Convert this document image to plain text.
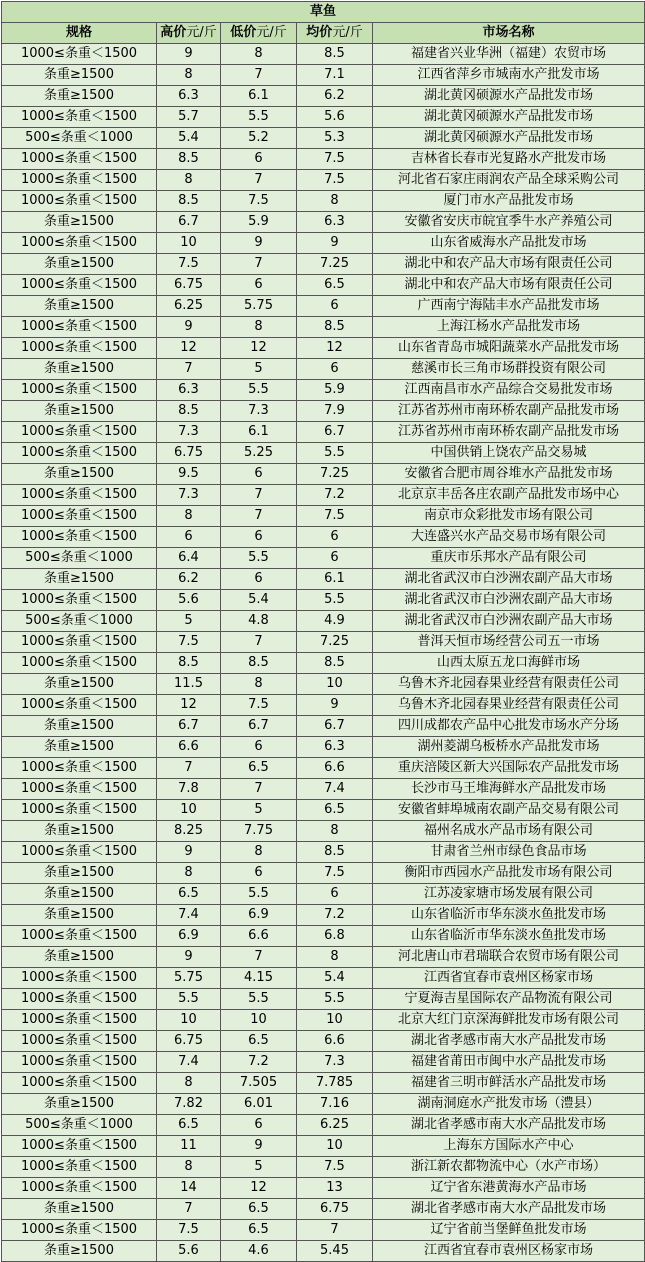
草鱼				
规格	高价元/斤	低价元/斤	均价元/斤	市场名称
1000≤条重＜1500	9	8	8.5	福建省兴业华洲（福建）农贸市场
条重≥1500	8	7	7.1	江西省萍乡市城南水产批发市场
条重≥1500	6.3	6.1	6.2	湖北黄冈硕源水产品批发市场
1000≤条重＜1500	5.7	5.5	5.6	湖北黄冈硕源水产品批发市场
500≤条重＜1000	5.4	5.2	5.3	湖北黄冈硕源水产品批发市场
1000≤条重＜1500	8.5	6	7.5	吉林省长春市光复路水产批发市场
1000≤条重＜1500	8	7	7.5	河北省石家庄雨润农产品全球采购公司
1000≤条重＜1500	8.5	7.5	8	厦门市水产品批发市场
条重≥1500	6.7	5.9	6.3	安徽省安庆市皖宜季牛水产养殖公司
1000≤条重＜1500	10	9	9	山东省威海水产品批发市场
条重≥1500	7.5	7	7.25	湖北中和农产品大市场有限责任公司
1000≤条重＜1500	6.75	6	6.5	湖北中和农产品大市场有限责任公司
条重≥1500	6.25	5.75	6	广西南宁海陆丰水产品批发市场
1000≤条重＜1500	9	8	8.5	上海江杨水产品批发市场
1000≤条重＜1500	12	12	12	山东省青岛市城阳蔬菜水产品批发市场
条重≥1500	7	5	6	慈溪市长三角市场群投资有限公司
1000≤条重＜1500	6.3	5.5	5.9	江西南昌市水产品综合交易批发市场
条重≥1500	8.5	7.3	7.9	江苏省苏州市南环桥农副产品批发市场
1000≤条重＜1500	7.3	6.1	6.7	江苏省苏州市南环桥农副产品批发市场
1000≤条重＜1500	6.75	5.25	5.5	中国供销上饶农产品交易城
条重≥1500	9.5	6	7.25	安徽省合肥市周谷堆水产品批发市场
1000≤条重＜1500	7.3	7	7.2	北京京丰岳各庄农副产品批发市场中心
1000≤条重＜1500	8	7	7.5	南京市众彩批发市场有限公司
1000≤条重＜1500	6	6	6	大连盛兴水产品交易市场有限公司
500≤条重＜1000	6.4	5.5	6	重庆市乐邦水产品有限公司
条重≥1500	6.2	6	6.1	湖北省武汉市白沙洲农副产品大市场
1000≤条重＜1500	5.6	5.4	5.5	湖北省武汉市白沙洲农副产品大市场
500≤条重＜1000	5	4.8	4.9	湖北省武汉市白沙洲农副产品大市场
1000≤条重＜1500	7.5	7	7.25	普洱天恒市场经营公司五一市场
1000≤条重＜1500	8.5	8.5	8.5	山西太原五龙口海鲜市场
条重≥1500	11.5	8	10	乌鲁木齐北园春果业经营有限责任公司
1000≤条重＜1500	12	7.5	9	乌鲁木齐北园春果业经营有限责任公司
条重≥1500	6.7	6.7	6.7	四川成都农产品中心批发市场水产分场
条重≥1500	6.6	6	6.3	湖州菱湖乌板桥水产品批发市场
1000≤条重＜1500	7	6.5	6.6	重庆涪陵区新大兴国际农产品批发市场
1000≤条重＜1500	7.8	7	7.4	长沙市马王堆海鲜水产品批发市场
1000≤条重＜1500	10	5	6.5	安徽省蚌埠城南农副产品交易有限公司
条重≥1500	8.25	7.75	8	福州名成水产品市场有限公司
1000≤条重＜1500	9	8	8.5	甘肃省兰州市绿色食品市场
条重≥1500	8	6	7.5	衡阳市西园水产品批发市场有限公司
条重≥1500	6.5	5.5	6	江苏凌家塘市场发展有限公司
条重≥1500	7.4	6.9	7.2	山东省临沂市华东淡水鱼批发市场
1000≤条重＜1500	6.9	6.6	6.8	山东省临沂市华东淡水鱼批发市场
条重≥1500	9	7	8	河北唐山市君瑞联合农贸市场有限公司
1000≤条重＜1500	5.75	4.15	5.4	江西省宜春市袁州区杨家市场
1000≤条重＜1500	5.5	5.5	5.5	宁夏海吉星国际农产品物流有限公司
1000≤条重＜1500	10	10	10	北京大红门京深海鲜批发市场有限公司
1000≤条重＜1500	6.75	6.5	6.6	湖北省孝感市南大水产品批发市场
1000≤条重＜1500	7.4	7.2	7.3	福建省莆田市闽中水产品批发市场
1000≤条重＜1500	8	7.505	7.785	福建省三明市鲜活水产品批发市场
条重≥1500	7.82	6.01	7.16	湖南洞庭水产批发市场（澧县）
500≤条重＜1000	6.5	6	6.25	湖北省孝感市南大水产品批发市场
1000≤条重＜1500	11	9	10	上海东方国际水产中心
1000≤条重＜1500	8	5	7.5	浙江新农都物流中心（水产市场）
1000≤条重＜1500	14	12	13	辽宁省东港黄海水产品市场
条重≥1500	7	6.5	6.75	湖北省孝感市南大水产品批发市场
1000≤条重＜1500	7.5	6.5	7	辽宁省前当堡鲜鱼批发市场
条重≥1500	5.6	4.6	5.45	江西省宜春市袁州区杨家市场
